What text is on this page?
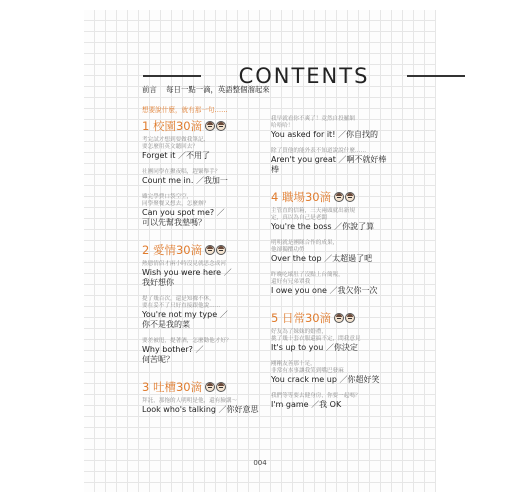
CONTENTS
前言 每日一點一滴，英語整個溜起來
想要說什麼，就有那一句……
1 校園30滴
考完試才想到要做我筆記，
要怎麼用英文聽回去？
Forget it ／不用了
社團同學在揪夜唱，趕緊舉手？
Count me in. ／我加一
雖完學費口袋空空，
同學聚餐又想去，怎麼辦？
Can you spot me? ／
可以先幫我墊嗎？
2 愛情30滴
熱戀情侶才兩小時沒見就思念成河
Wish you were here ／
我好想你
提了幾百次，還是知據不休，
要在妥不了只好直接跟他說……
You're not my type ／
你不是我的菜
要差被甩，提著酒，怎麼勸他才好？
Why bother? ／
何苦呢？
3 吐槽30滴
拜託，那拖的人明明是他，還有臉講～
Look who's talking ／你好意思
我早就看你不爽了！竟然自投羅網
哈哈哈！
You asked for it! ／你自找的
除了買他的能外表不知道說說什麼……
Aren't you great ／啊不就好棒棒
4 職場30滴
主管直的信箱，三天兩頭就出新規
定，真以為自己是老闆
You're the boss ／你說了算
明明就是團隊合作的成果，
他卻獨攬功勞
Over the top ／太超過了吧
昨晚吃壞肚子沒點上台簡報，
還好有兄弟罩我
I owe you one ／我欠你一次
5 日常30滴
好友為了妹妹的婚禮，
挑了幾十套衣服還搞不定，問我意見
It's up to you ／你決定
剛剛友善那十足，
非常有本事讓我笑到嘴巴發麻
You crack me up ／你超好笑
我們等等要去健身房，你要一起嗎？
I'm game ／我 OK
004
